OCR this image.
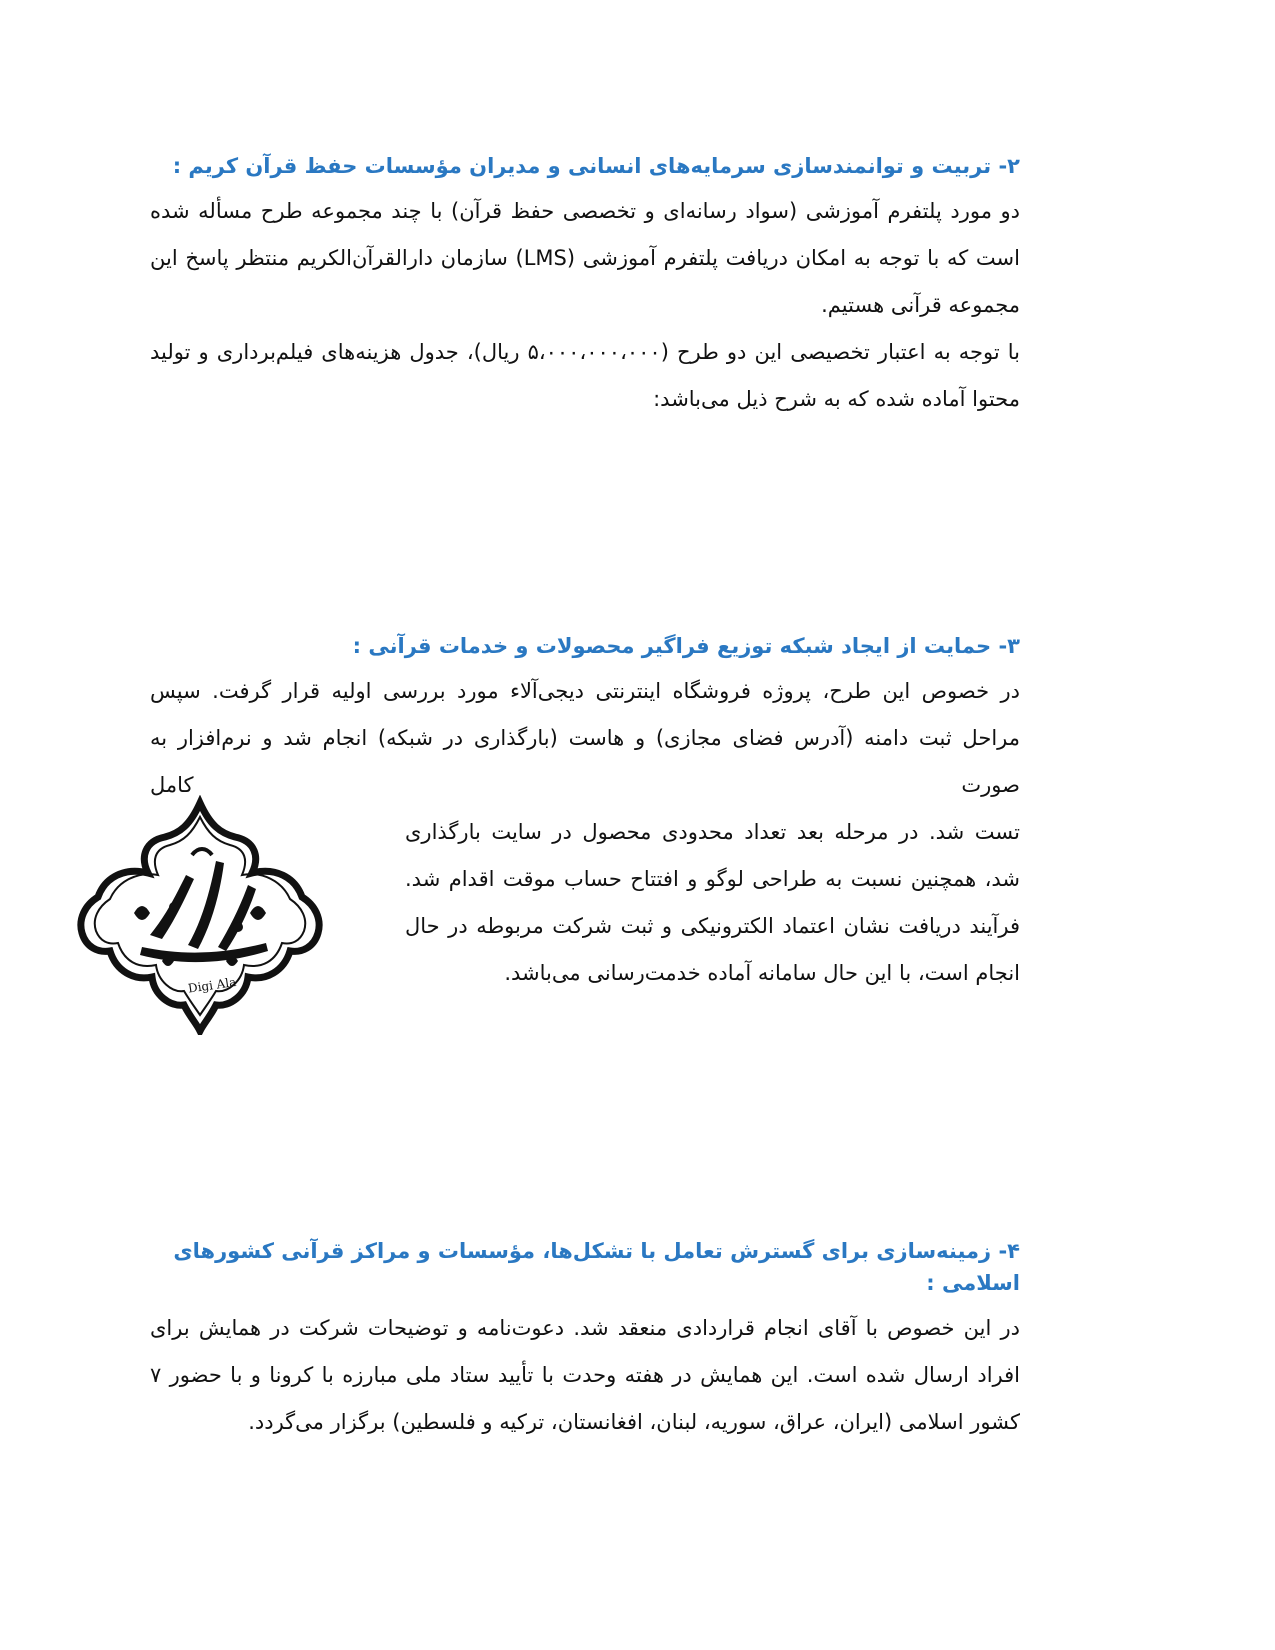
۲- تربیت و توانمندسازی سرمایه‌های انسانی و مدیران مؤسسات حفظ قرآن کریم :

دو مورد پلتفرم آموزشی (سواد رسانه‌ای و تخصصی حفظ قرآن) با چند مجموعه طرح مسأله شده است که با توجه به امکان دریافت پلتفرم آموزشی (LMS) سازمان دارالقرآن‌الکریم منتظر پاسخ این مجموعه قرآنی هستیم.

با توجه به اعتبار تخصیصی این دو طرح (۵،۰۰۰،۰۰۰،۰۰۰ ریال)، جدول هزینه‌های فیلم‌برداری و تولید محتوا آماده شده که به شرح ذیل می‌باشد:

۳- حمایت از ایجاد شبکه توزیع فراگیر محصولات و خدمات قرآنی :

در خصوص این طرح، پروژه فروشگاه اینترنتی دیجی‌آلاء مورد بررسی اولیه قرار گرفت. سپس مراحل ثبت دامنه (آدرس فضای مجازی) و هاست (بارگذاری در شبکه) انجام شد و نرم‌افزار به صورت کامل

تست شد. در مرحله بعد تعداد محدودی محصول در سایت بارگذاری شد، همچنین نسبت به طراحی لوگو و افتتاح حساب موقت اقدام شد. فرآیند دریافت نشان اعتماد الکترونیکی و ثبت شرکت مربوطه در حال انجام است، با این حال سامانه آماده خدمت‌رسانی می‌باشد.

Digi Ala
۴- زمینه‌سازی برای گسترش تعامل با تشکل‌ها، مؤسسات و مراکز قرآنی کشورهای اسلامی :

در این خصوص با آقای انجام قراردادی منعقد شد. دعوت‌نامه و توضیحات شرکت در همایش برای افراد ارسال شده است. این همایش در هفته وحدت با تأیید ستاد ملی مبارزه با کرونا و با حضور ۷ کشور اسلامی (ایران، عراق، سوریه، لبنان، افغانستان، ترکیه و فلسطین) برگزار می‌گردد.
